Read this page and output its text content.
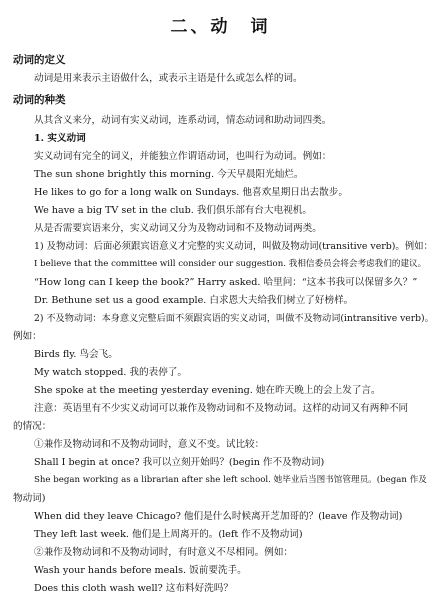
二、动　词
动词的定义
动词是用来表示主语做什么，或表示主语是什么或怎么样的词。
动词的种类
从其含义来分，动词有实义动词，连系动词，情态动词和助动词四类。
1. 实义动词
实义动词有完全的词义，并能独立作谓语动词，也叫行为动词。例如：
The sun shone brightly this morning. 今天早晨阳光灿烂。
He likes to go for a long walk on Sundays. 他喜欢星期日出去散步。
We have a big TV set in the club. 我们俱乐部有台大电视机。
从是否需要宾语来分，实义动词又分为及物动词和不及物动词两类。
1) 及物动词：后面必须跟宾语意义才完整的实义动词，叫做及物动词(transitive verb)。例如：
I believe that the committee will consider our suggestion. 我相信委员会将会考虑我们的建议。
“How long can I keep the book?” Harry asked. 哈里问：“这本书我可以保留多久？”
Dr. Bethune set us a good example. 白求恩大夫给我们树立了好榜样。
2) 不及物动词：本身意义完整后面不须跟宾语的实义动词，叫做不及物动词(intransitive verb)。
例如：
Birds fly. 鸟会飞。
My watch stopped. 我的表停了。
She spoke at the meeting yesterday evening. 她在昨天晚上的会上发了言。
注意：英语里有不少实义动词可以兼作及物动词和不及物动词。这样的动词又有两种不同
的情况：
①兼作及物动词和不及物动词时，意义不变。试比较：
Shall I begin at once? 我可以立刻开始吗？(begin 作不及物动词)
She began working as a librarian after she left school. 她毕业后当图书馆管理员。(began 作及
物动词)
When did they leave Chicago? 他们是什么时候离开芝加哥的？(leave 作及物动词)
They left last week. 他们是上周离开的。(left 作不及物动词)
②兼作及物动词和不及物动词时，有时意义不尽相同。例如：
Wash your hands before meals. 饭前要洗手。
Does this cloth wash well? 这布料好洗吗？
